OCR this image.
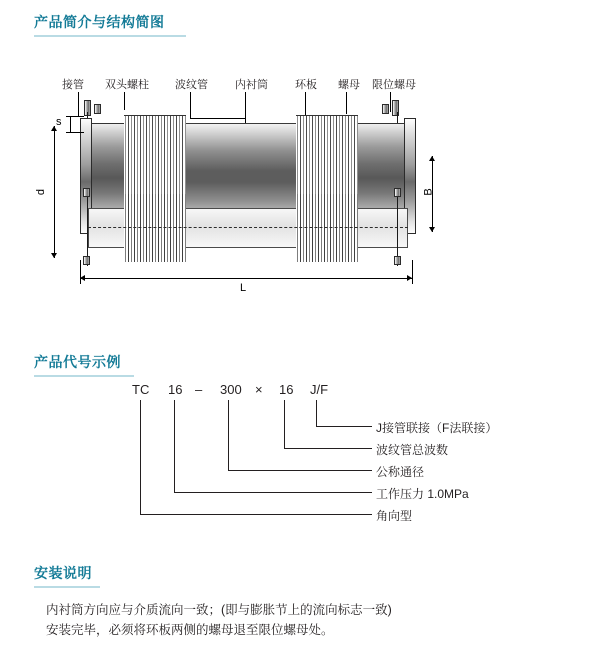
产品简介与结构简图
接管 双头螺柱 波纹管 内衬筒 环板 螺母 限位螺母
s
d	B
L
产品代号示例
TC 16 – 300 × 16 J/F
J接管联接（F法联接）
波纹管总波数
公称通径
工作压力 1.0MPa
角向型
安装说明
内衬筒方向应与介质流向一致；(即与膨胀节上的流向标志一致)
安装完毕，必须将环板两侧的螺母退至限位螺母处。
